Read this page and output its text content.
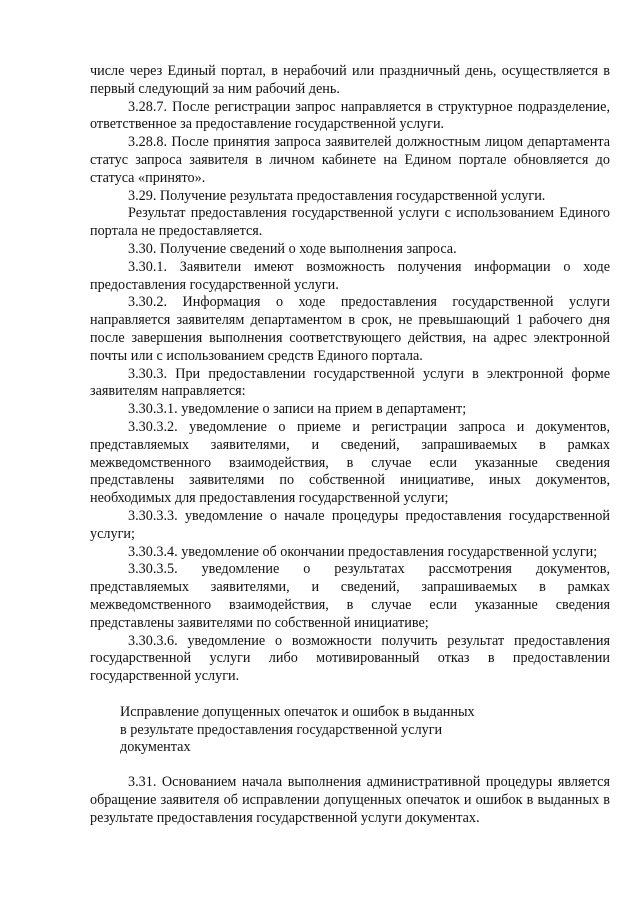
числе через Единый портал, в нерабочий или праздничный день, осуществляется в первый следующий за ним рабочий день.

3.28.7. После регистрации запрос направляется в структурное подразделение, ответственное за предоставление государственной услуги.

3.28.8. После принятия запроса заявителей должностным лицом департамента статус запроса заявителя в личном кабинете на Едином портале обновляется до статуса «принято».

3.29. Получение результата предоставления государственной услуги.

Результат предоставления государственной услуги с использованием Единого портала не предоставляется.

3.30. Получение сведений о ходе выполнения запроса.

3.30.1. Заявители имеют возможность получения информации о ходе предоставления государственной услуги.

3.30.2. Информация о ходе предоставления государственной услуги направляется заявителям департаментом в срок, не превышающий 1 рабочего дня после завершения выполнения соответствующего действия, на адрес электронной почты или с использованием средств Единого портала.

3.30.3. При предоставлении государственной услуги в электронной форме заявителям направляется:

3.30.3.1. уведомление о записи на прием в департамент;

3.30.3.2. уведомление о приеме и регистрации запроса и документов, представляемых заявителями, и сведений, запрашиваемых в рамках межведомственного взаимодействия, в случае если указанные сведения представлены заявителями по собственной инициативе, иных документов, необходимых для предоставления государственной услуги;

3.30.3.3. уведомление о начале процедуры предоставления государственной услуги;

3.30.3.4. уведомление об окончании предоставления государственной услуги;

3.30.3.5. уведомление о результатах рассмотрения документов, представляемых заявителями, и сведений, запрашиваемых в рамках межведомственного взаимодействия, в случае если указанные сведения представлены заявителями по собственной инициативе;

3.30.3.6. уведомление о возможности получить результат предоставления государственной услуги либо мотивированный отказ в предоставлении государственной услуги.

Исправление допущенных опечаток и ошибок в выданных
в результате предоставления государственной услуги
документах

3.31. Основанием начала выполнения административной процедуры является обращение заявителя об исправлении допущенных опечаток и ошибок в выданных в результате предоставления государственной услуги документах.
